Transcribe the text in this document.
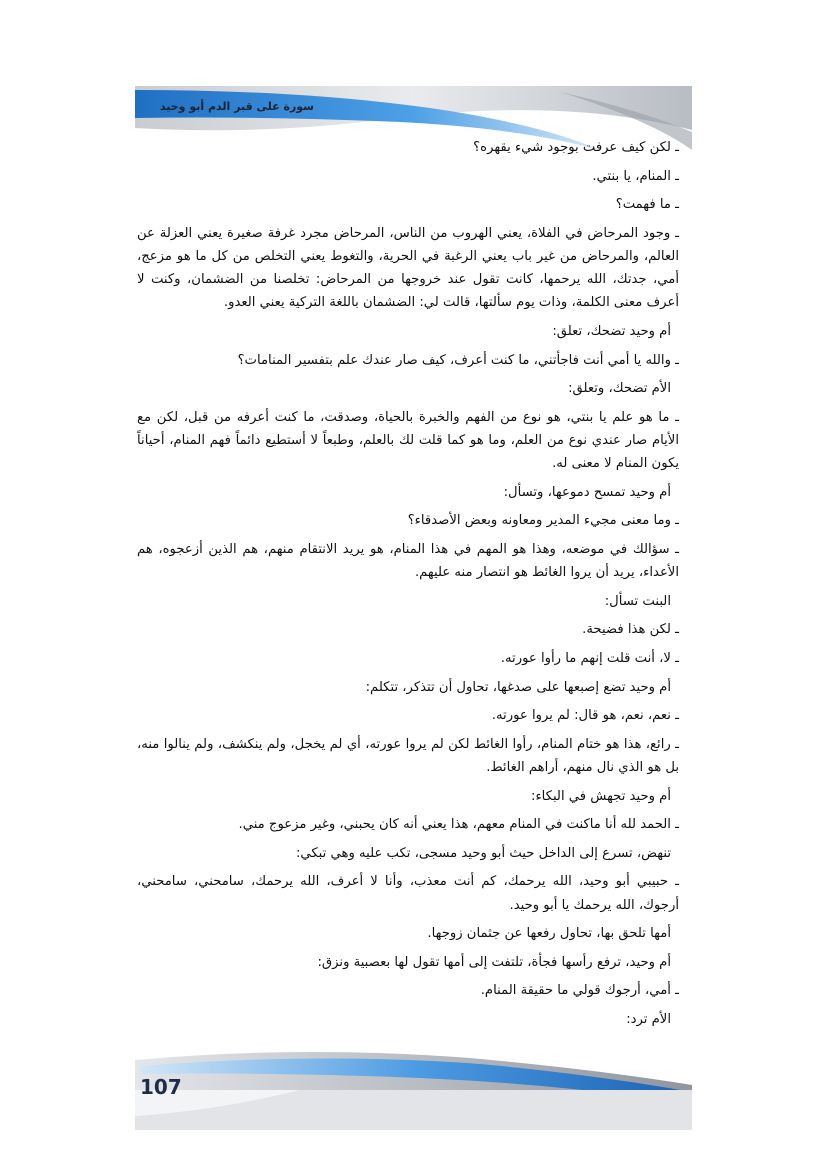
سورة على قبر الدم أبو وحيد

ـ لكن كيف عرفت بوجود شيء يقهره؟

ـ المنام، يا بنتي.

ـ ما فهمت؟

ـ وجود المرحاض في الفلاة، يعني الهروب من الناس، المرحاض مجرد غرفة صغيرة يعني العزلة عن العالم، والمرحاض من غير باب يعني الرغبة في الحرية، والتغوط يعني التخلص من كل ما هو مزعج، أمي، جدتك، الله يرحمها، كانت تقول عند خروجها من المرحاض: تخلصنا من الضشمان، وكنت لا أعرف معنى الكلمة، وذات يوم سألتها، قالت لي: الضشمان باللغة التركية يعني العدو.

أم وحيد تضحك، تعلق:

ـ والله يا أمي أنت فاجأتني، ما كنت أعرف، كيف صار عندك علم بتفسير المنامات؟

الأم تضحك، وتعلق:

ـ ما هو علم يا بنتي، هو نوع من الفهم والخبرة بالحياة، وصدقت، ما كنت أعرفه من قبل، لكن مع الأيام صار عندي نوع من العلم، وما هو كما قلت لك بالعلم، وطبعاً لا أستطيع دائماً فهم المنام، أحياناً يكون المنام لا معنى له.

أم وحيد تمسح دموعها، وتسأل:

ـ وما معنى مجيء المدير ومعاونه وبعض الأصدقاء؟

ـ سؤالك في موضعه، وهذا هو المهم في هذا المنام، هو يريد الانتقام منهم، هم الذين أزعجوه، هم الأعداء، يريد أن يروا الغائط هو انتصار منه عليهم.

البنت تسأل:

ـ لكن هذا فضيحة.

ـ لا، أنت قلت إنهم ما رأوا عورته.

أم وحيد تضع إصبعها على صدغها، تحاول أن تتذكر، تتكلم:

ـ نعم، نعم، هو قال: لم يروا عورته.

ـ رائع، هذا هو ختام المنام، رأوا الغائط لكن لم يروا عورته، أي لم يخجل، ولم ينكشف، ولم ينالوا منه، بل هو الذي نال منهم، أراهم الغائط.

أم وحيد تجهش في البكاء:

ـ الحمد لله أنا ماكنت في المنام معهم، هذا يعني أنه كان يحبني، وغير مزعوج مني.

تنهض، تسرع إلى الداخل حيث أبو وحيد مسجى، تكب عليه وهي تبكي:

ـ حبيبي أبو وحيد، الله يرحمك، كم أنت معذب، وأنا لا أعرف، الله يرحمك، سامحني، سامحني، أرجوك، الله يرحمك يا أبو وحيد.

أمها تلحق بها، تحاول رفعها عن جثمان زوجها.

أم وحيد، ترفع رأسها فجأة، تلتفت إلى أمها تقول لها بعصبية ونزق:

ـ أمي، أرجوك قولي ما حقيقة المنام.

الأم ترد:

107
